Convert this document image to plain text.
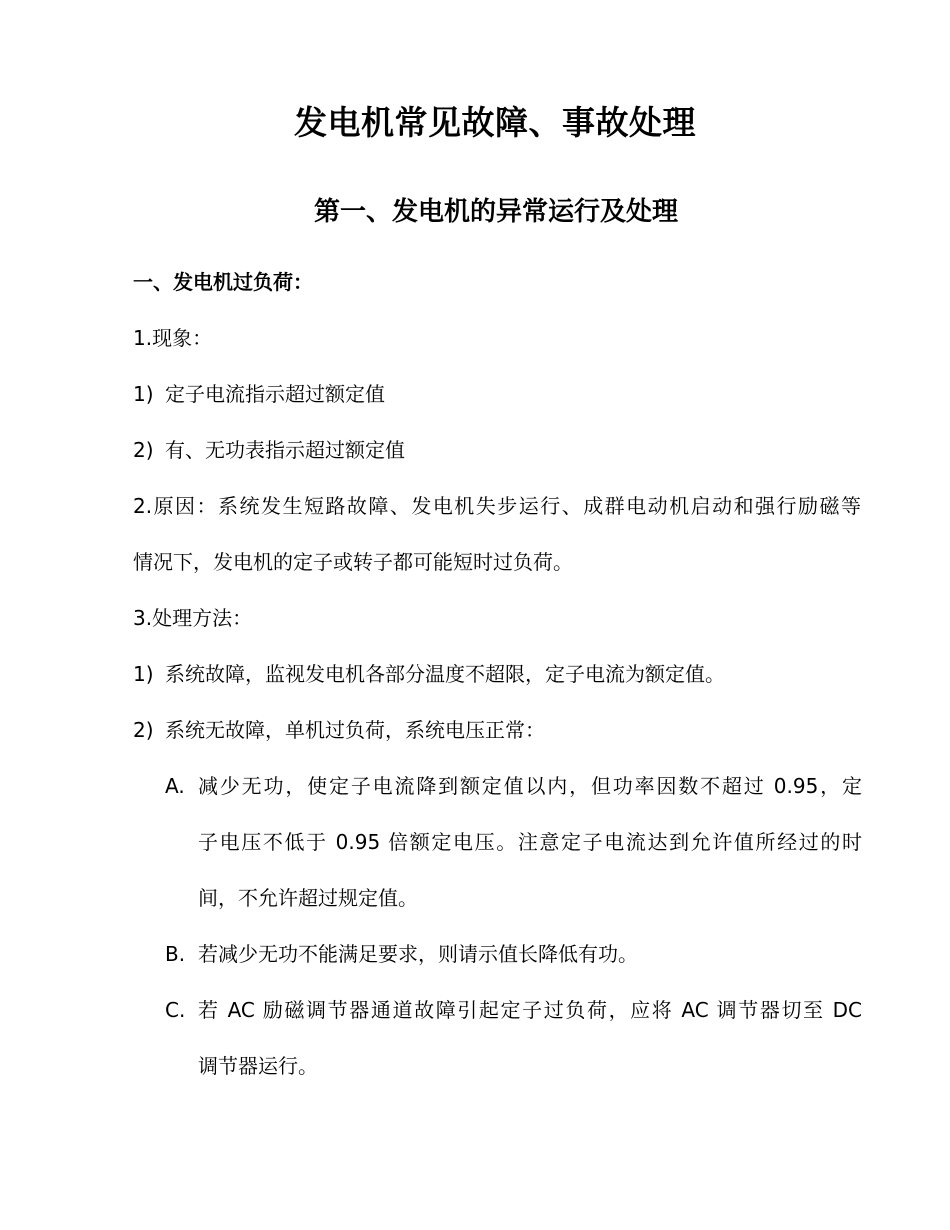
发电机常见故障、事故处理
第一、发电机的异常运行及处理
一、发电机过负荷：
1.现象：
1) 定子电流指示超过额定值
2) 有、无功表指示超过额定值
2.原因：系统发生短路故障、发电机失步运行、成群电动机启动和强行励磁等
情况下，发电机的定子或转子都可能短时过负荷。
3.处理方法：
1) 系统故障，监视发电机各部分温度不超限，定子电流为额定值。
2) 系统无故障，单机过负荷，系统电压正常：
A. 减少无功，使定子电流降到额定值以内，但功率因数不超过 0.95，定
子电压不低于 0.95 倍额定电压。注意定子电流达到允许值所经过的时
间，不允许超过规定值。
B. 若减少无功不能满足要求，则请示值长降低有功。
C. 若 AC 励磁调节器通道故障引起定子过负荷，应将 AC 调节器切至 DC
调节器运行。
